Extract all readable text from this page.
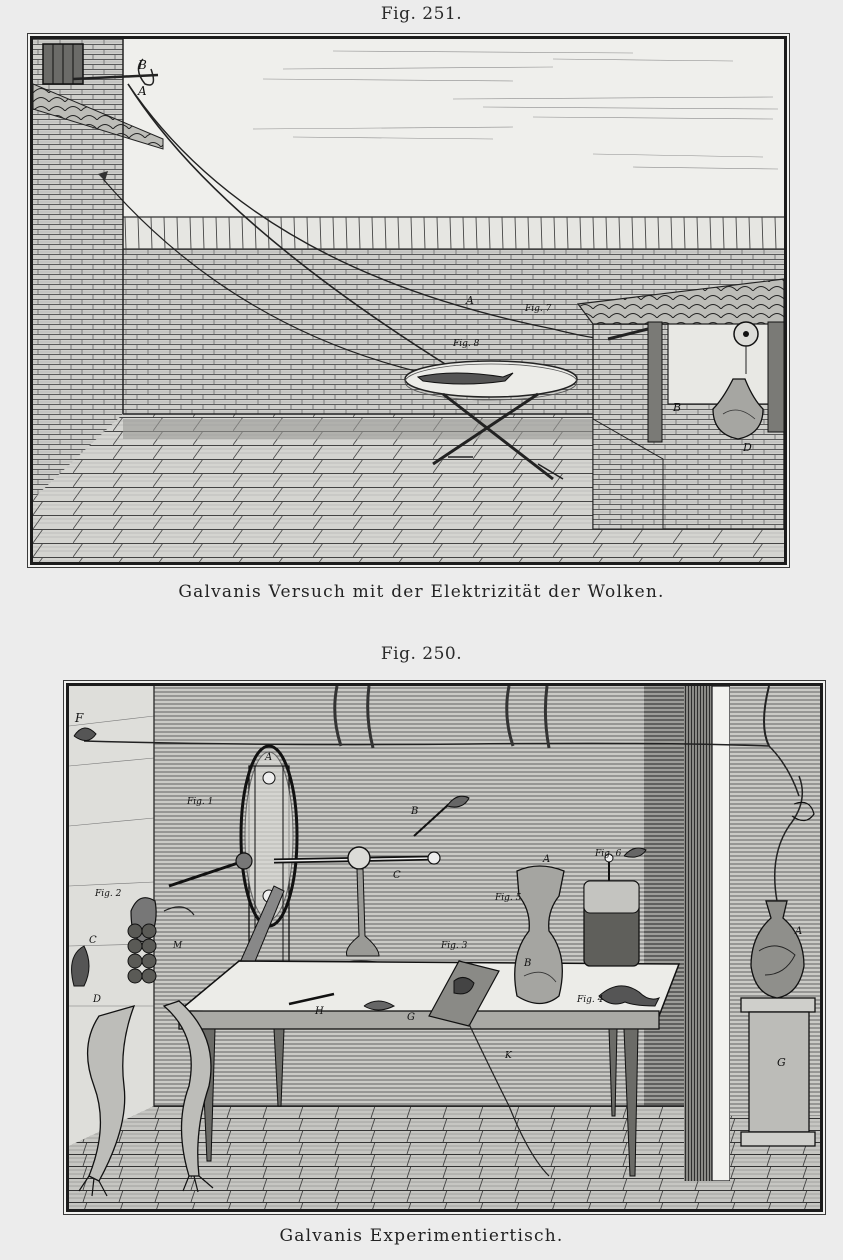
Fig. 251.
B
A
A
Fig. 7
Fig. 8
B
D
Galvanis Versuch mit der Elektrizität der Wolken.
Fig. 250.
F
A
Fig. 1
B
C
Fig. 2
C
D
M
H
G
K
Fig. 3
A
Fig. 5
Fig. 6
B
Fig. 4
G
A
Galvanis Experimentiertisch.
